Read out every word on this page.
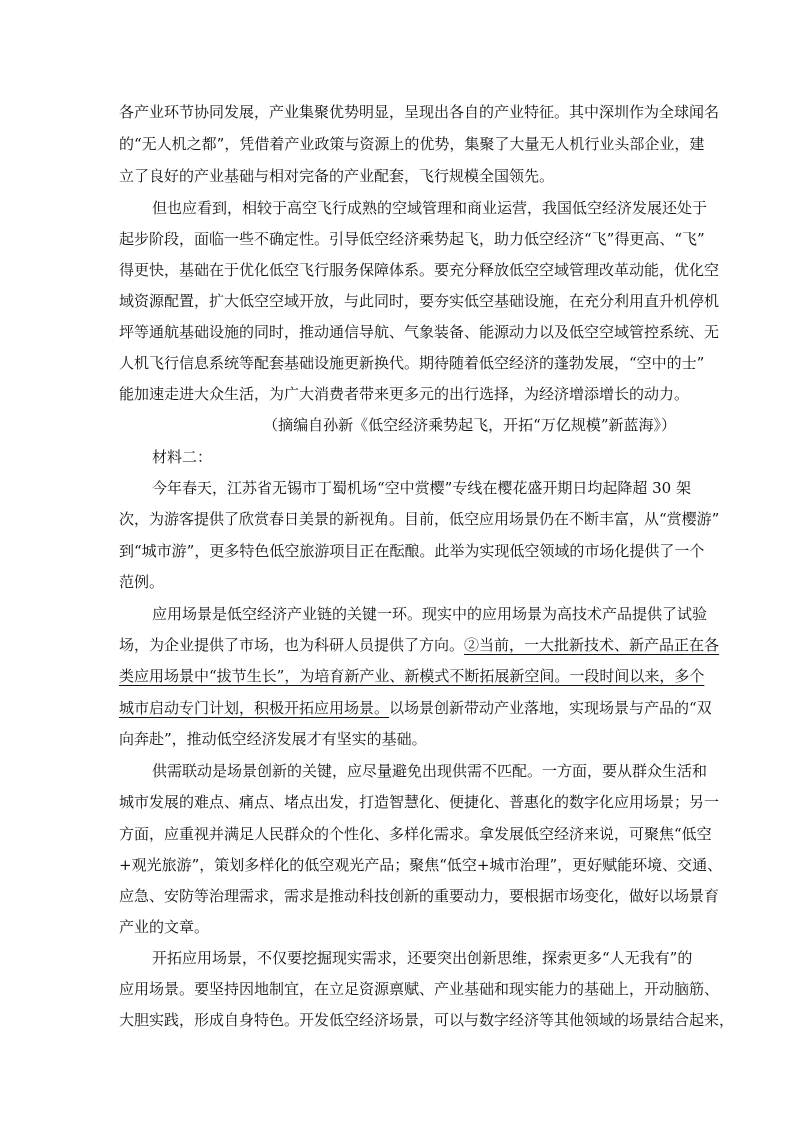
各产业环节协同发展，产业集聚优势明显，呈现出各自的产业特征。其中深圳作为全球闻名
的“无人机之都”，凭借着产业政策与资源上的优势，集聚了大量无人机行业头部企业，建
立了良好的产业基础与相对完备的产业配套，飞行规模全国领先。
但也应看到，相较于高空飞行成熟的空域管理和商业运营，我国低空经济发展还处于
起步阶段，面临一些不确定性。引导低空经济乘势起飞，助力低空经济“飞”得更高、“飞”
得更快，基础在于优化低空飞行服务保障体系。要充分释放低空空域管理改革动能，优化空
域资源配置，扩大低空空域开放，与此同时，要夯实低空基础设施，在充分利用直升机停机
坪等通航基础设施的同时，推动通信导航、气象装备、能源动力以及低空空域管控系统、无
人机飞行信息系统等配套基础设施更新换代。期待随着低空经济的蓬勃发展，“空中的士”
能加速走进大众生活，为广大消费者带来更多元的出行选择，为经济增添增长的动力。
（摘编自孙新《低空经济乘势起飞，开拓“万亿规模”新蓝海》）
材料二：
今年春天，江苏省无锡市丁蜀机场“空中赏樱”专线在樱花盛开期日均起降超 30 架
次，为游客提供了欣赏春日美景的新视角。目前，低空应用场景仍在不断丰富，从“赏樱游”
到“城市游”，更多特色低空旅游项目正在酝酿。此举为实现低空领域的市场化提供了一个
范例。
应用场景是低空经济产业链的关键一环。现实中的应用场景为高技术产品提供了试验
场，为企业提供了市场，也为科研人员提供了方向。②当前，一大批新技术、新产品正在各
类应用场景中“拔节生长”，为培育新产业、新模式不断拓展新空间。一段时间以来，多个
城市启动专门计划，积极开拓应用场景。以场景创新带动产业落地，实现场景与产品的“双
向奔赴”，推动低空经济发展才有坚实的基础。
供需联动是场景创新的关键，应尽量避免出现供需不匹配。一方面，要从群众生活和
城市发展的难点、痛点、堵点出发，打造智慧化、便捷化、普惠化的数字化应用场景；另一
方面，应重视并满足人民群众的个性化、多样化需求。拿发展低空经济来说，可聚焦“低空
+观光旅游”，策划多样化的低空观光产品；聚焦“低空+城市治理”，更好赋能环境、交通、
应急、安防等治理需求，需求是推动科技创新的重要动力，要根据市场变化，做好以场景育
产业的文章。
开拓应用场景，不仅要挖掘现实需求，还要突出创新思维，探索更多“人无我有”的
应用场景。要坚持因地制宜，在立足资源禀赋、产业基础和现实能力的基础上，开动脑筋、
大胆实践，形成自身特色。开发低空经济场景，可以与数字经济等其他领域的场景结合起来，
